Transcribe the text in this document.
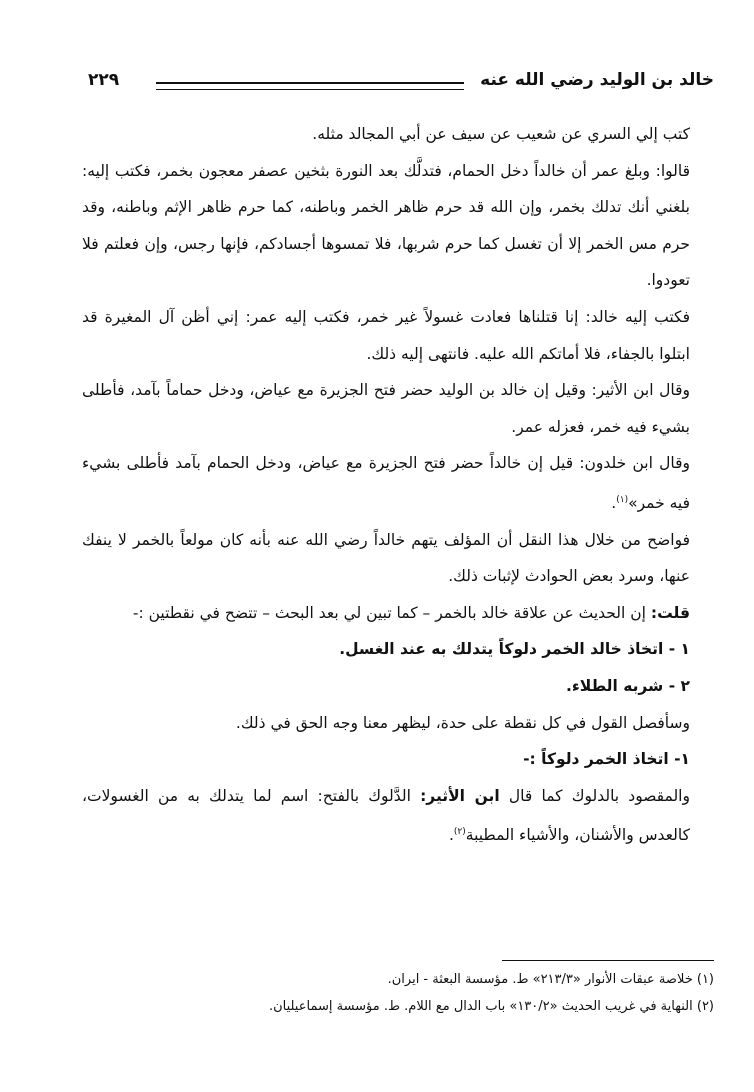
خالد بن الوليد رضي الله عنه
٢٢٩

كتب إلي السري عن شعيب عن سيف عن أبي المجالد مثله.

قالوا: وبلغ عمر أن خالداً دخل الحمام، فتدلَّك بعد النورة بثخين عصفر معجون بخمر، فكتب إليه: بلغني أنك تدلك بخمر، وإن الله قد حرم ظاهر الخمر وباطنه، كما حرم ظاهر الإثم وباطنه، وقد حرم مس الخمر إلا أن تغسل كما حرم شربها، فلا تمسوها أجسادكم، فإنها رجس، وإن فعلتم فلا تعودوا.

فكتب إليه خالد: إنا قتلناها فعادت غسولاً غير خمر، فكتب إليه عمر: إني أظن آل المغيرة قد ابتلوا بالجفاء، فلا أماتكم الله عليه. فانتهى إليه ذلك.

وقال ابن الأثير: وقيل إن خالد بن الوليد حضر فتح الجزيرة مع عياض، ودخل حماماً بآمد، فأطلى بشيء فيه خمر، فعزله عمر.

وقال ابن خلدون: قيل إن خالداً حضر فتح الجزيرة مع عياض، ودخل الحمام بآمد فأطلى بشيء فيه خمر»$^{(١)}$.

فواضح من خلال هذا النقل أن المؤلف يتهم خالداً رضي الله عنه بأنه كان مولعاً بالخمر لا ينفك عنها، وسرد بعض الحوادث لإثبات ذلك.

قلت: إن الحديث عن علاقة خالد بالخمر – كما تبين لي بعد البحث – تتضح في نقطتين :-

١ - اتخاذ خالد الخمر دلوكاً يتدلك به عند الغسل.

٢ - شربه الطلاء.

وسأفصل القول في كل نقطة على حدة، ليظهر معنا وجه الحق في ذلك.

١- اتخاذ الخمر دلوكاً :-

والمقصود بالدلوك كما قال ابن الأثير: الدَّلوك بالفتح: اسم لما يتدلك به من الغسولات، كالعدس والأشنان، والأشياء المطيبة$^{(٢)}$.

(١) خلاصة عبقات الأنوار «٢١٣/٣» ط. مؤسسة البعثة - ايران.

(٢) النهاية في غريب الحديث «١٣٠/٢» باب الدال مع اللام. ط. مؤسسة إسماعيليان.
